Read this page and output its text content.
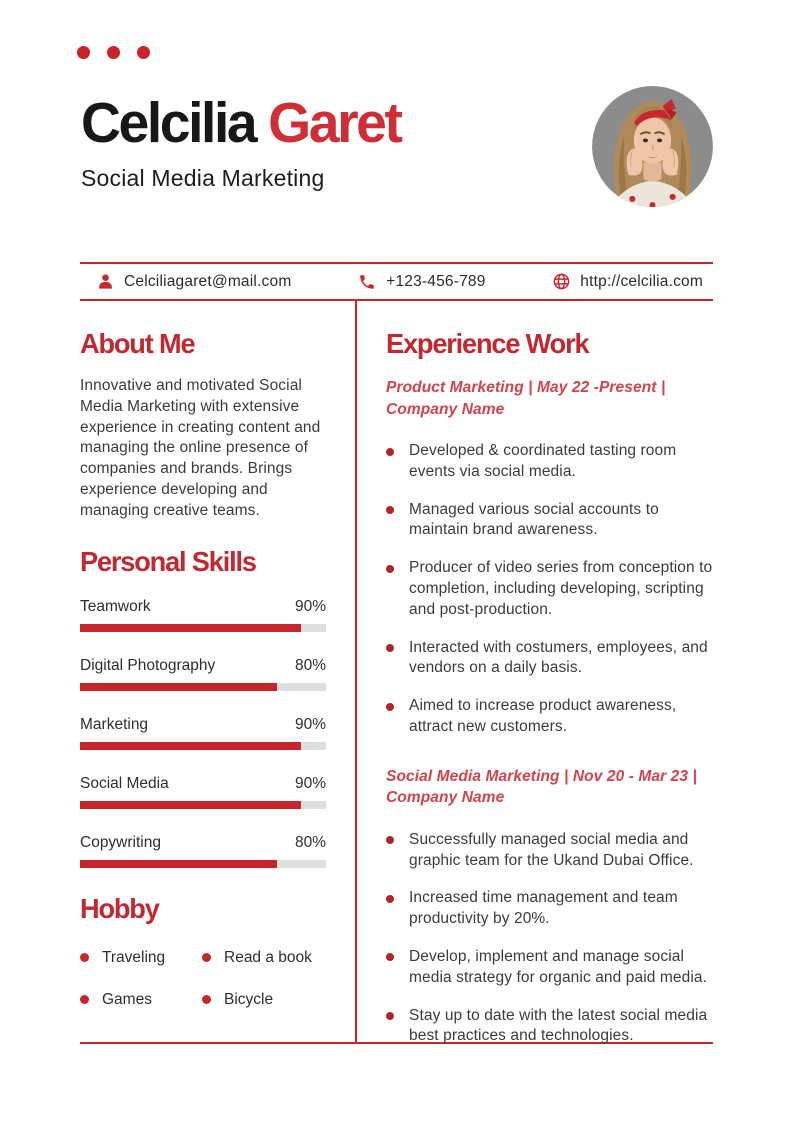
Celcilia Garet
Social Media Marketing
Celciliagaret@mail.com	+123-456-789	http://celcilia.com
About Me

Innovative and motivated Social Media Marketing with extensive experience in creating content and managing the online presence of companies and brands. Brings experience developing and managing creative teams.

Personal Skills
Teamwork	90%
Digital Photography	80%
Marketing	90%
Social Media	90%
Copywriting	80%
Hobby
Traveling	Read a book
Games	Bicycle
Experience Work
Product Marketing | May 22 -Present |
Company Name
Developed & coordinated tasting room events via social media.
Managed various social accounts to maintain brand awareness.
Producer of video series from conception to completion, including developing, scripting and post-production.
Interacted with costumers, employees, and vendors on a daily basis.
Aimed to increase product awareness, attract new customers.
Social Media Marketing | Nov 20 - Mar 23 |
Company Name
Successfully managed social media and graphic team for the Ukand Dubai Office.
Increased time management and team productivity by 20%.
Develop, implement and manage social media strategy for organic and paid media.
Stay up to date with the latest social media best practices and technologies.
